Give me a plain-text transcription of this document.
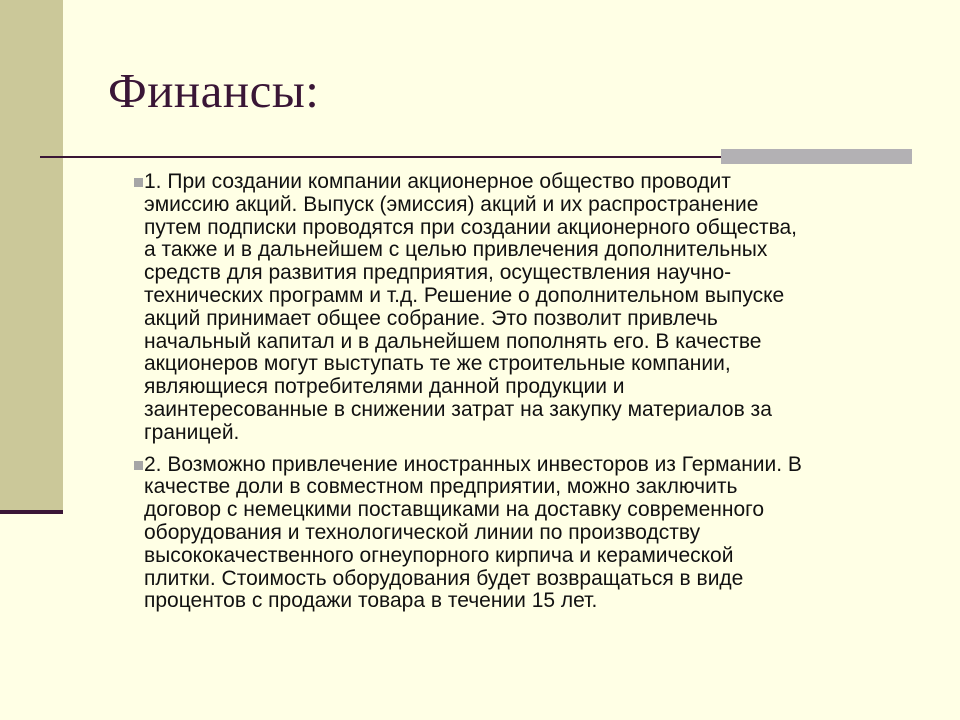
Финансы:
1. При создании компании акционерное общество проводит
эмиссию акций. Выпуск (эмиссия) акций и их распространение
путем подписки проводятся при создании акционерного общества,
а также и в дальнейшем с целью привлечения дополнительных
средств для развития предприятия, осуществления научно-
технических программ и т.д. Решение о дополнительном выпуске
акций принимает общее собрание. Это позволит привлечь
начальный капитал и в дальнейшем пополнять его. В качестве
акционеров могут выступать те же строительные компании,
являющиеся потребителями данной продукции и
заинтересованные в снижении затрат на закупку материалов за
границей.
2. Возможно привлечение иностранных инвесторов из Германии. В
качестве доли в совместном предприятии, можно заключить
договор с немецкими поставщиками на доставку современного
оборудования и технологической линии по производству
высококачественного огнеупорного кирпича и керамической
плитки. Стоимость оборудования будет возвращаться в виде
процентов с продажи товара в течении 15 лет.
